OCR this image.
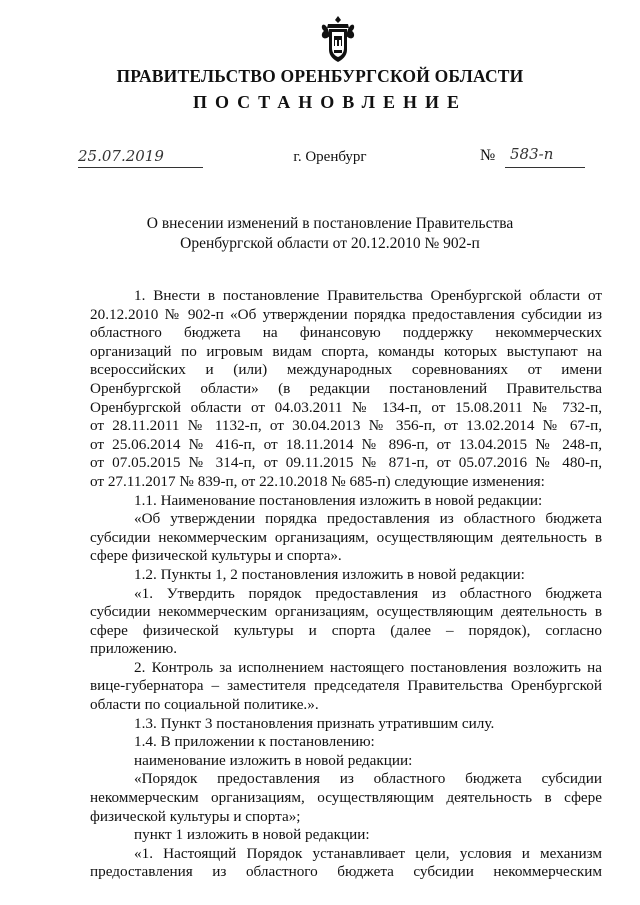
ПРАВИТЕЛЬСТВО ОРЕНБУРГСКОЙ ОБЛАСТИ
ПОСТАНОВЛЕНИЕ
25.07.2019	г. Оренбург	№ 583-п
О внесении изменений в постановление Правительства
Оренбургской области от 20.12.2010 № 902-п

1. Внести в постановление Правительства Оренбургской области от

20.12.2010 № 902-п «Об утверждении порядка предоставления субсидии из

областного бюджета на финансовую поддержку некоммерческих

организаций по игровым видам спорта, команды которых выступают на

всероссийских и (или) международных соревнованиях от имени

Оренбургской области» (в редакции постановлений Правительства

Оренбургской области от 04.03.2011 № 134-п, от 15.08.2011 № 732-п,

от 28.11.2011 № 1132-п, от 30.04.2013 № 356-п, от 13.02.2014 № 67-п,

от 25.06.2014 № 416-п, от 18.11.2014 № 896-п, от 13.04.2015 № 248-п,

от 07.05.2015 № 314-п, от 09.11.2015 № 871-п, от 05.07.2016 № 480-п,

от 27.11.2017 № 839-п, от 22.10.2018 № 685-п) следующие изменения:

1.1. Наименование постановления изложить в новой редакции:

«Об утверждении порядка предоставления из областного бюджета

субсидии некоммерческим организациям, осуществляющим деятельность в

сфере физической культуры и спорта».

1.2. Пункты 1, 2 постановления изложить в новой редакции:

«1. Утвердить порядок предоставления из областного бюджета

субсидии некоммерческим организациям, осуществляющим деятельность в

сфере физической культуры и спорта (далее – порядок), согласно

приложению.

2. Контроль за исполнением настоящего постановления возложить на

вице-губернатора – заместителя председателя Правительства Оренбургской

области по социальной политике.».

1.3. Пункт 3 постановления признать утратившим силу.

1.4. В приложении к постановлению:

наименование изложить в новой редакции:

«Порядок предоставления из областного бюджета субсидии

некоммерческим организациям, осуществляющим деятельность в сфере

физической культуры и спорта»;

пункт 1 изложить в новой редакции:

«1. Настоящий Порядок устанавливает цели, условия и механизм

предоставления из областного бюджета субсидии некоммерческим
